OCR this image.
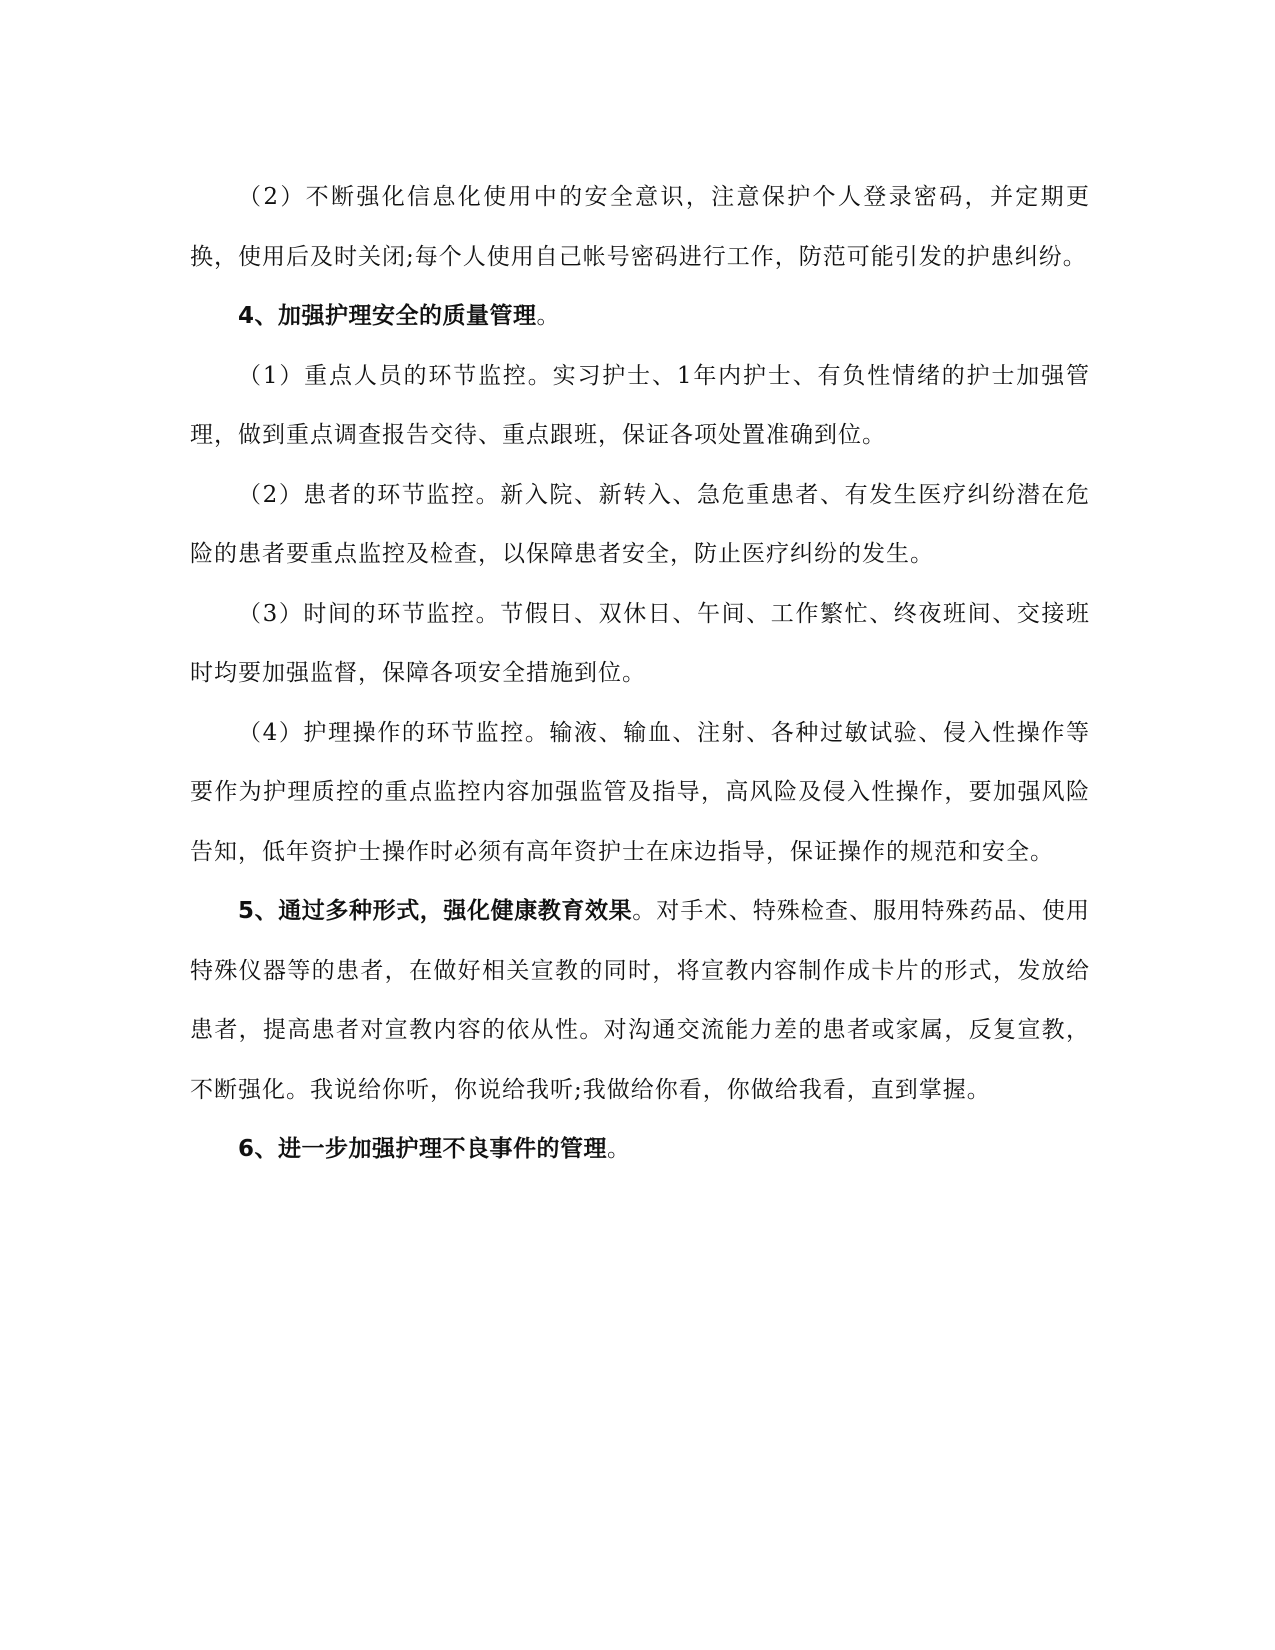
（2）不断强化信息化使用中的安全意识，注意保护个人登录密码，并定期更换，使用后及时关闭;每个人使用自己帐号密码进行工作，防范可能引发的护患纠纷。

4、加强护理安全的质量管理。

（1）重点人员的环节监控。实习护士、1年内护士、有负性情绪的护士加强管理，做到重点调查报告交待、重点跟班，保证各项处置准确到位。

（2）患者的环节监控。新入院、新转入、急危重患者、有发生医疗纠纷潜在危险的患者要重点监控及检查，以保障患者安全，防止医疗纠纷的发生。

（3）时间的环节监控。节假日、双休日、午间、工作繁忙、终夜班间、交接班时均要加强监督，保障各项安全措施到位。

（4）护理操作的环节监控。输液、输血、注射、各种过敏试验、侵入性操作等要作为护理质控的重点监控内容加强监管及指导，高风险及侵入性操作，要加强风险告知，低年资护士操作时必须有高年资护士在床边指导，保证操作的规范和安全。

5、通过多种形式，强化健康教育效果。对手术、特殊检查、服用特殊药品、使用特殊仪器等的患者，在做好相关宣教的同时，将宣教内容制作成卡片的形式，发放给患者，提高患者对宣教内容的依从性。对沟通交流能力差的患者或家属，反复宣教，不断强化。我说给你听，你说给我听;我做给你看，你做给我看，直到掌握。

6、进一步加强护理不良事件的管理。
